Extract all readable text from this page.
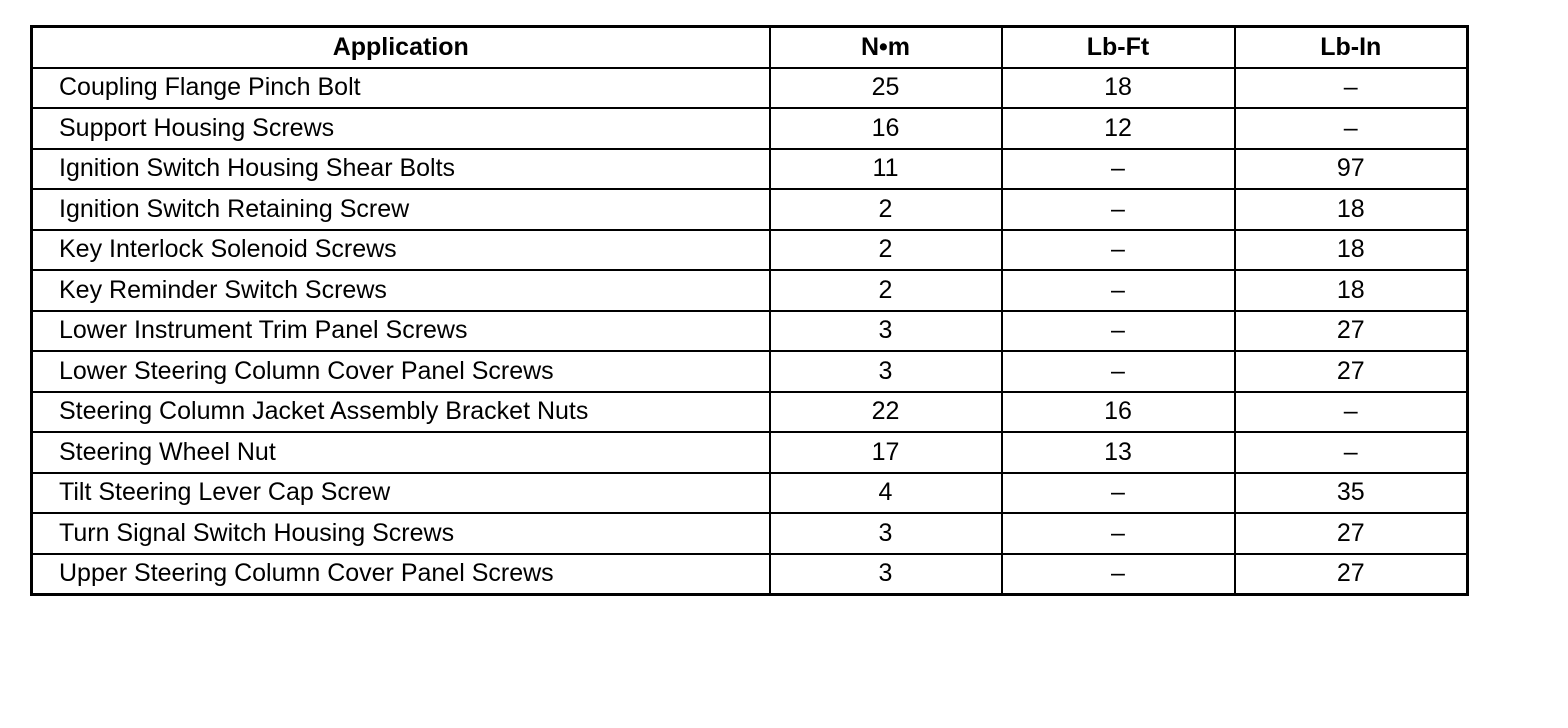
Application	N•m	Lb-Ft	Lb-In
Coupling Flange Pinch Bolt	25	18	–
Support Housing Screws	16	12	–
Ignition Switch Housing Shear Bolts	11	–	97
Ignition Switch Retaining Screw	2	–	18
Key Interlock Solenoid Screws	2	–	18
Key Reminder Switch Screws	2	–	18
Lower Instrument Trim Panel Screws	3	–	27
Lower Steering Column Cover Panel Screws	3	–	27
Steering Column Jacket Assembly Bracket Nuts	22	16	–
Steering Wheel Nut	17	13	–
Tilt Steering Lever Cap Screw	4	–	35
Turn Signal Switch Housing Screws	3	–	27
Upper Steering Column Cover Panel Screws	3	–	27
